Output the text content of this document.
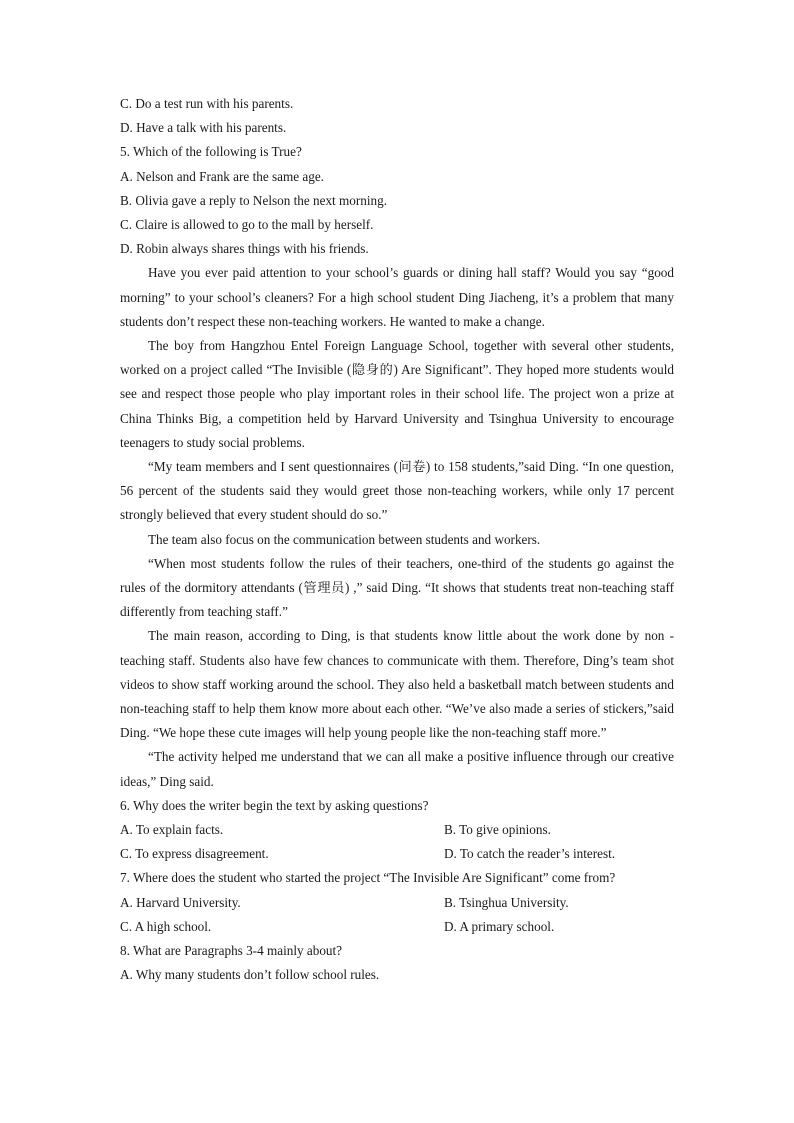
C. Do a test run with his parents.
D. Have a talk with his parents.
5. Which of the following is True?
A. Nelson and Frank are the same age.
B. Olivia gave a reply to Nelson the next morning.
C. Claire is allowed to go to the mall by herself.
D. Robin always shares things with his friends.

Have you ever paid attention to your school’s guards or dining hall staff? Would you say “good morning” to your school’s cleaners? For a high school student Ding Jiacheng, it’s a problem that many students don’t respect these non-teaching workers. He wanted to make a change.

The boy from Hangzhou Entel Foreign Language School, together with several other students, worked on a project called “The Invisible (隐身的) Are Significant”. They hoped more students would see and respect those people who play important roles in their school life. The project won a prize at China Thinks Big, a competition held by Harvard University and Tsinghua University to encourage teenagers to study social problems.

“My team members and I sent questionnaires (问卷) to 158 students,”said Ding. “In one question, 56 percent of the students said they would greet those non-teaching workers, while only 17 percent strongly believed that every student should do so.”

The team also focus on the communication between students and workers.

“When most students follow the rules of their teachers, one-third of the students go against the rules of the dormitory attendants (管理员) ,” said Ding. “It shows that students treat non-teaching staff differently from teaching staff.”

The main reason, according to Ding, is that students know little about the work done by non - teaching staff. Students also have few chances to communicate with them. Therefore, Ding’s team shot videos to show staff working around the school. They also held a basketball match between students and non-teaching staff to help them know more about each other. “We’ve also made a series of stickers,”said Ding. “We hope these cute images will help young people like the non-teaching staff more.”

“The activity helped me understand that we can all make a positive influence through our creative ideas,” Ding said.

6. Why does the writer begin the text by asking questions?
A. To explain facts.	B. To give opinions.
C. To express disagreement.	D. To catch the reader’s interest.
7. Where does the student who started the project “The Invisible Are Significant” come from?
A. Harvard University.	B. Tsinghua University.
C. A high school.	D. A primary school.
8. What are Paragraphs 3-4 mainly about?
A. Why many students don’t follow school rules.
